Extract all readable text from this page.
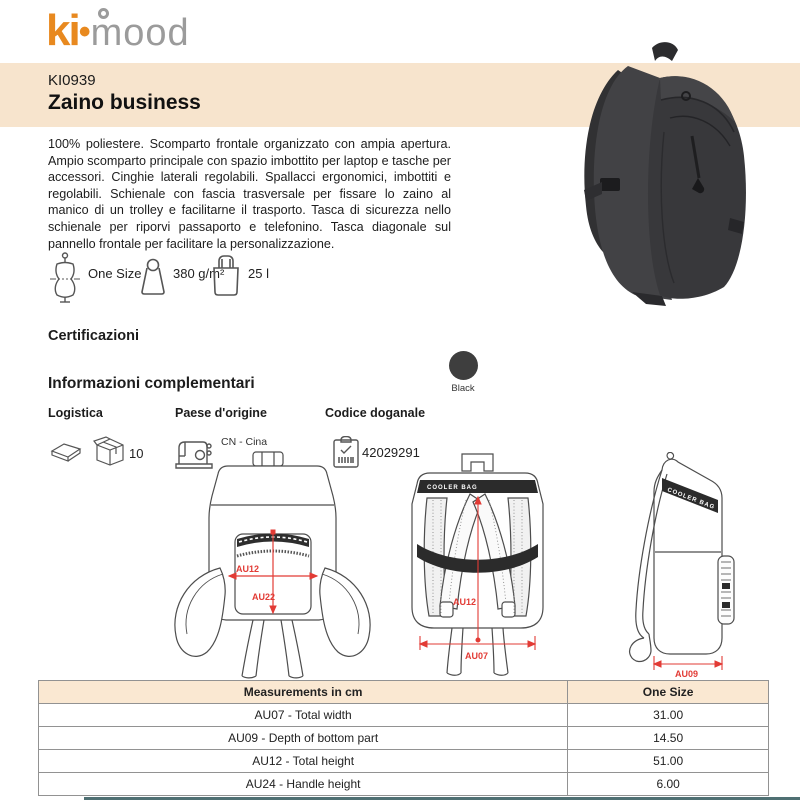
ki•mood
KI0939
Zaino business

100% poliestere. Scomparto frontale organizzato con ampia apertura. Ampio scomparto principale con spazio imbottito per laptop e tasche per accessori. Cinghie laterali regolabili. Spallacci ergonomici, imbottiti e regolabili. Schienale con fascia trasversale per fissare lo zaino al manico di un trolley e facilitarne il trasporto. Tasca di sicurezza nello schienale per riporvi passaporto e telefonino. Tasca diagonale sul pannello frontale per facilitare la personalizzazione.

One Size 380 g/m² 25 l
Certificazioni
Black
Informazioni complementari
Logistica	Paese d'origine	Codice doganale
10
CN - Cina
42029291
AU12
AU22
COOLER BAG
AU12
AU07
COOLER BAG
AU09
Measurements in cm	One Size
AU07 - Total width	31.00
AU09 - Depth of bottom part	14.50
AU12 - Total height	51.00
AU24 - Handle height	6.00
